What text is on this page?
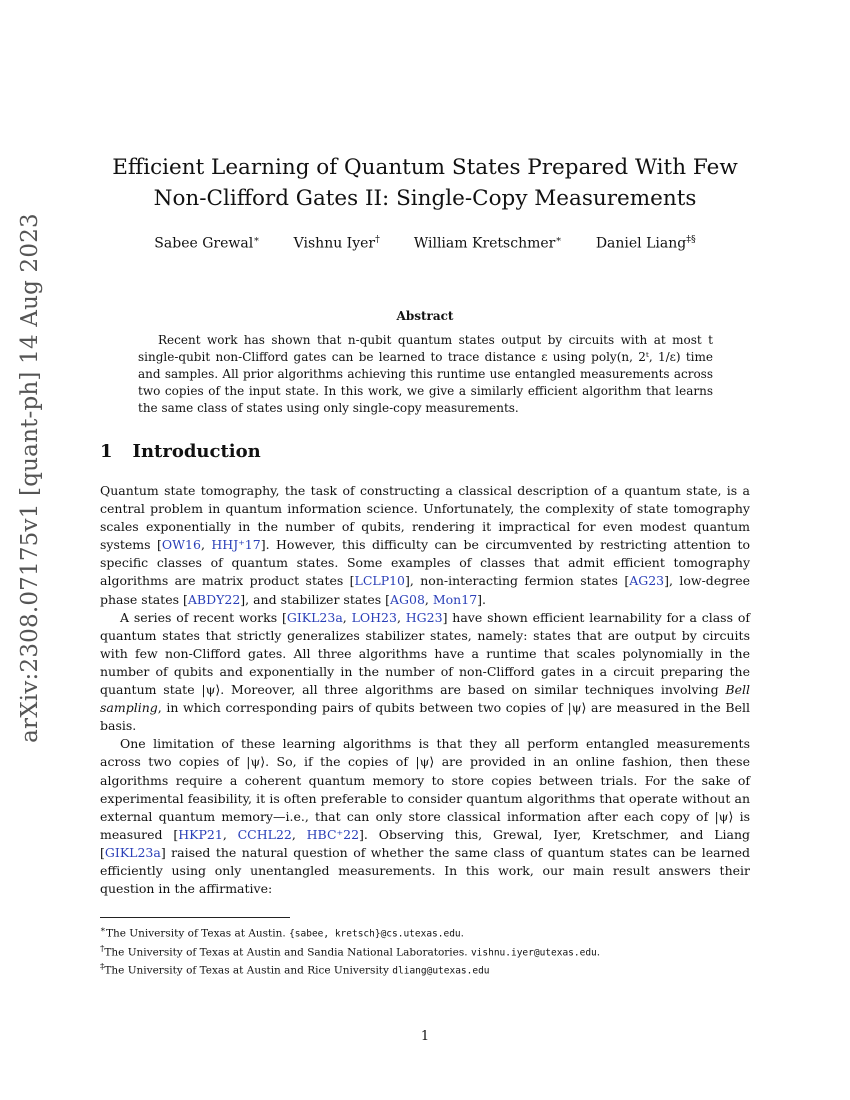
arXiv:2308.07175v1 [quant-ph] 14 Aug 2023
Efficient Learning of Quantum States Prepared With Few
Non-Clifford Gates II: Single-Copy Measurements
Sabee Grewal∗ Vishnu Iyer† William Kretschmer∗ Daniel Liang‡§
Abstract

Recent work has shown that n-qubit quantum states output by circuits with at most t single-qubit non-Clifford gates can be learned to trace distance ε using poly(n, 2ᵗ, 1/ε) time and samples. All prior algorithms achieving this runtime use entangled measurements across two copies of the input state. In this work, we give a similarly efficient algorithm that learns the same class of states using only single-copy measurements.

1 Introduction

Quantum state tomography, the task of constructing a classical description of a quantum state, is a central problem in quantum information science. Unfortunately, the complexity of state tomography scales exponentially in the number of qubits, rendering it impractical for even modest quantum systems [OW16, HHJ⁺17]. However, this difficulty can be circumvented by restricting attention to specific classes of quantum states. Some examples of classes that admit efficient tomography algorithms are matrix product states [LCLP10], non-interacting fermion states [AG23], low-degree phase states [ABDY22], and stabilizer states [AG08, Mon17].

A series of recent works [GIKL23a, LOH23, HG23] have shown efficient learnability for a class of quantum states that strictly generalizes stabilizer states, namely: states that are output by circuits with few non-Clifford gates. All three algorithms have a runtime that scales polynomially in the number of qubits and exponentially in the number of non-Clifford gates in a circuit preparing the quantum state |ψ⟩. Moreover, all three algorithms are based on similar techniques involving Bell sampling, in which corresponding pairs of qubits between two copies of |ψ⟩ are measured in the Bell basis.

One limitation of these learning algorithms is that they all perform entangled measurements across two copies of |ψ⟩. So, if the copies of |ψ⟩ are provided in an online fashion, then these algorithms require a coherent quantum memory to store copies between trials. For the sake of experimental feasibility, it is often preferable to consider quantum algorithms that operate without an external quantum memory—i.e., that can only store classical information after each copy of |ψ⟩ is measured [HKP21, CCHL22, HBC⁺22]. Observing this, Grewal, Iyer, Kretschmer, and Liang [GIKL23a] raised the natural question of whether the same class of quantum states can be learned efficiently using only unentangled measurements. In this work, our main result answers their question in the affirmative:

∗The University of Texas at Austin. {sabee, kretsch}@cs.utexas.edu.
†The University of Texas at Austin and Sandia National Laboratories. vishnu.iyer@utexas.edu.
‡The University of Texas at Austin and Rice University dliang@utexas.edu
1
